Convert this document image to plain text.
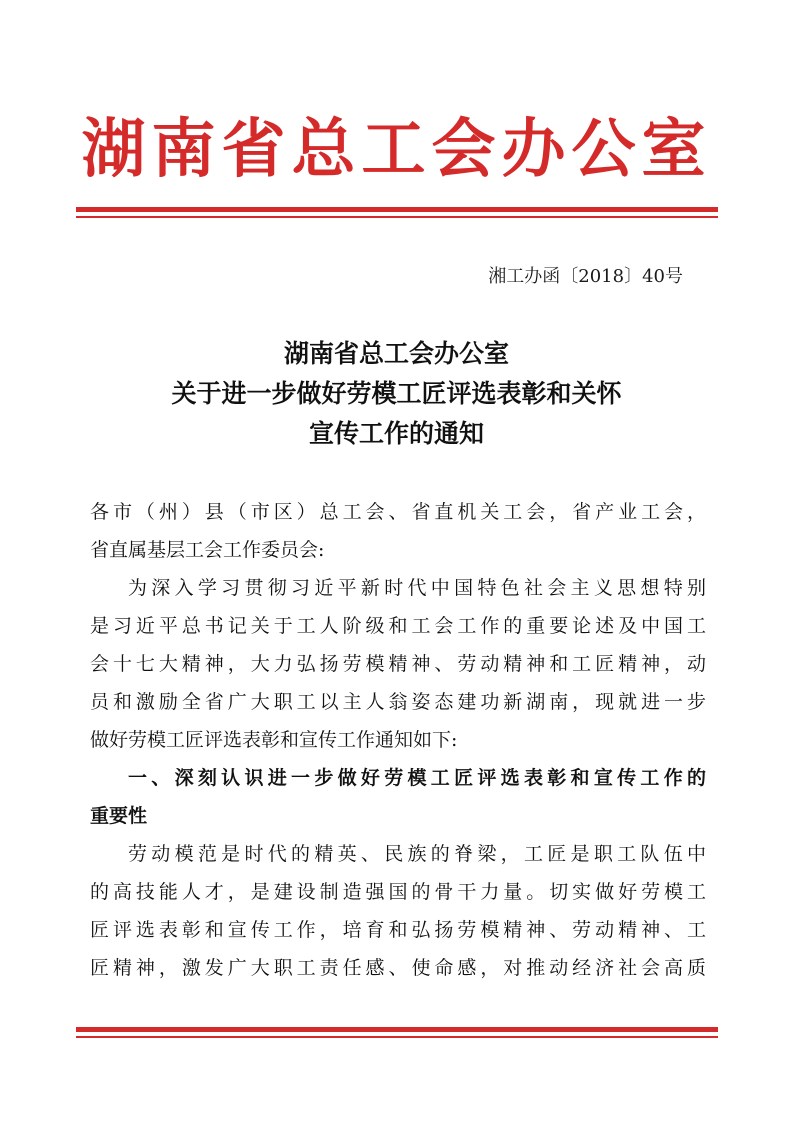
湖南省总工会办公室
湘工办函〔2018〕40号
湖南省总工会办公室
关于进一步做好劳模工匠评选表彰和关怀
宣传工作的通知
各市（州）县（市区）总工会、省直机关工会，省产业工会，
省直属基层工会工作委员会:
为深入学习贯彻习近平新时代中国特色社会主义思想特别
是习近平总书记关于工人阶级和工会工作的重要论述及中国工
会十七大精神，大力弘扬劳模精神、劳动精神和工匠精神，动
员和激励全省广大职工以主人翁姿态建功新湖南，现就进一步
做好劳模工匠评选表彰和宣传工作通知如下:
一、深刻认识进一步做好劳模工匠评选表彰和宣传工作的
重要性
劳动模范是时代的精英、民族的脊梁，工匠是职工队伍中
的高技能人才，是建设制造强国的骨干力量。切实做好劳模工
匠评选表彰和宣传工作，培育和弘扬劳模精神、劳动精神、工
匠精神，激发广大职工责任感、使命感，对推动经济社会高质
